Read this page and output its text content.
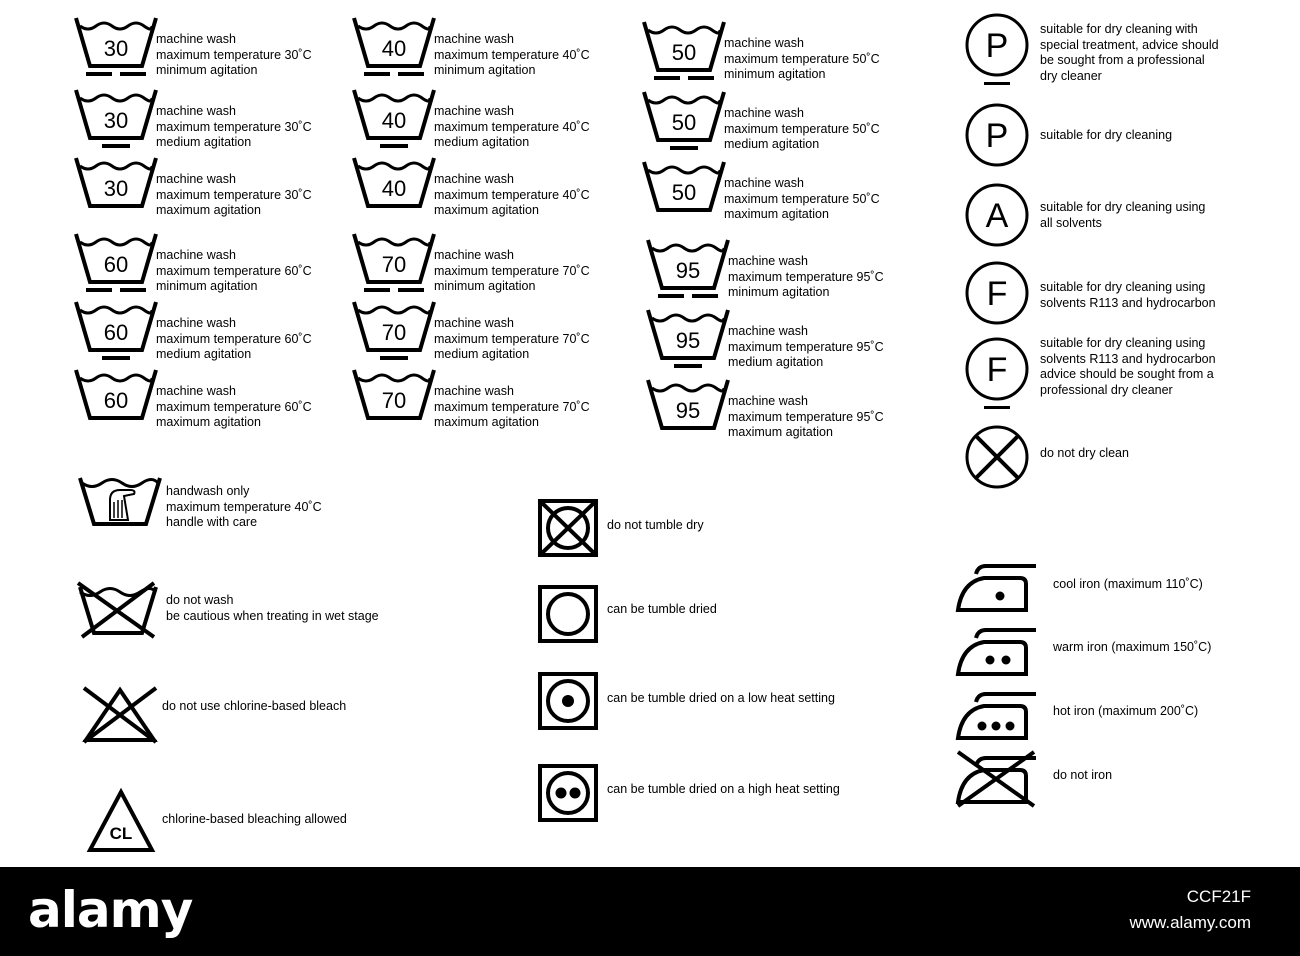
30 machine wash
maximum temperature 30˚C
minimum agitation
30 machine wash
maximum temperature 30˚C
medium agitation
30 machine wash
maximum temperature 30˚C
maximum agitation
60 machine wash
maximum temperature 60˚C
minimum agitation
60 machine wash
maximum temperature 60˚C
medium agitation
60 machine wash
maximum temperature 60˚C
maximum agitation
40 machine wash
maximum temperature 40˚C
minimum agitation
40 machine wash
maximum temperature 40˚C
medium agitation
40 machine wash
maximum temperature 40˚C
maximum agitation
70 machine wash
maximum temperature 70˚C
minimum agitation
70 machine wash
maximum temperature 70˚C
medium agitation
70 machine wash
maximum temperature 70˚C
maximum agitation
50 machine wash
maximum temperature 50˚C
minimum agitation
50 machine wash
maximum temperature 50˚C
medium agitation
50 machine wash
maximum temperature 50˚C
maximum agitation
95 machine wash
maximum temperature 95˚C
minimum agitation
95 machine wash
maximum temperature 95˚C
medium agitation
95 machine wash
maximum temperature 95˚C
maximum agitation
P	suitable for dry cleaning with
special treatment, advice should
be sought from a professional
dry cleaner
P	suitable for dry cleaning
A	suitable for dry cleaning using
all solvents
F	suitable for dry cleaning using
solvents R113 and hydrocarbon
F
suitable for dry cleaning using
solvents R113 and hydrocarbon
advice should be sought from a
professional dry cleaner
do not dry clean
handwash only
maximum temperature 40˚C
handle with care
do not wash
be cautious when treating in wet stage
do not use chlorine-based bleach
CL
chlorine-based bleaching allowed
do not tumble dry
can be tumble dried
can be tumble dried on a low heat setting
can be tumble dried on a high heat setting
cool iron (maximum 110˚C)
warm iron (maximum 150˚C)
hot iron (maximum 200˚C)
do not iron
alamy	CCF21F
www.alamy.com
